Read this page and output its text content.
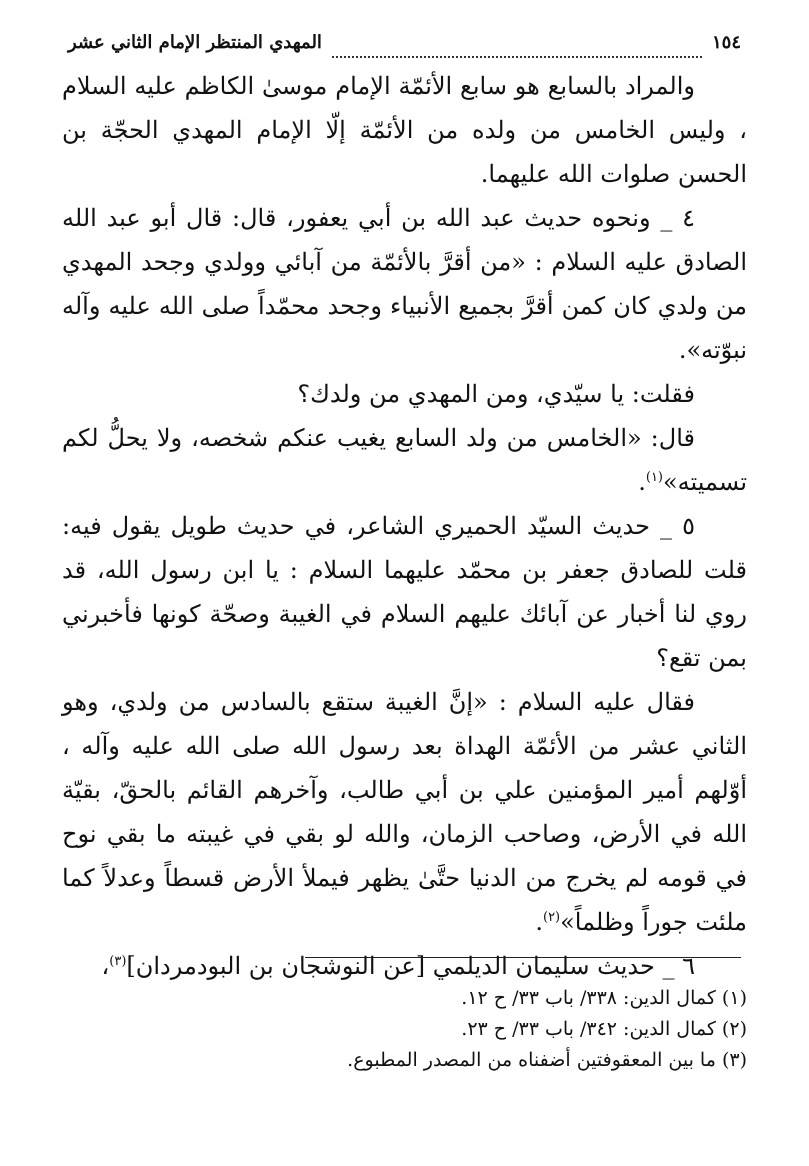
١٥٤
المهدي المنتظر الإمام الثاني عشر

والمراد بالسابع هو سابع الأئمّة الإمام موسىٰ الكاظم عليه السلام ، وليس الخامس من ولده من الأئمّة إلّا الإمام المهدي الحجّة بن الحسن صلوات الله عليهما.

٤ _ ونحوه حديث عبد الله بن أبي يعفور، قال: قال أبو عبد الله الصادق عليه السلام : «من أقرَّ بالأئمّة من آبائي وولدي وجحد المهدي من ولدي كان كمن أقرَّ بجميع الأنبياء وجحد محمّداً صلى الله عليه وآله نبوّته».

فقلت: يا سيّدي، ومن المهدي من ولدك؟

قال: «الخامس من ولد السابع يغيب عنكم شخصه، ولا يحلُّ لكم تسميته»$^{(١)}$.

٥ _ حديث السيّد الحميري الشاعر، في حديث طويل يقول فيه: قلت للصادق جعفر بن محمّد عليهما السلام : يا ابن رسول الله، قد روي لنا أخبار عن آبائك عليهم السلام في الغيبة وصحّة كونها فأخبرني بمن تقع؟

فقال عليه السلام : «إنَّ الغيبة ستقع بالسادس من ولدي، وهو الثاني عشر من الأئمّة الهداة بعد رسول الله صلى الله عليه وآله ، أوّلهم أمير المؤمنين علي بن أبي طالب، وآخرهم القائم بالحقّ، بقيّة الله في الأرض، وصاحب الزمان، والله لو بقي في غيبته ما بقي نوح في قومه لم يخرج من الدنيا حتَّىٰ يظهر فيملأ الأرض قسطاً وعدلاً كما ملئت جوراً وظلماً»$^{(٢)}$.

٦ _ حديث سليمان الديلمي [عن النوشجان بن البودمردان]$^{(٣)}$،

(١) كمال الدين: ٣٣٨/ باب ٣٣/ ح ١٢.
(٢) كمال الدين: ٣٤٢/ باب ٣٣/ ح ٢٣.
(٣) ما بين المعقوفتين أضفناه من المصدر المطبوع.
